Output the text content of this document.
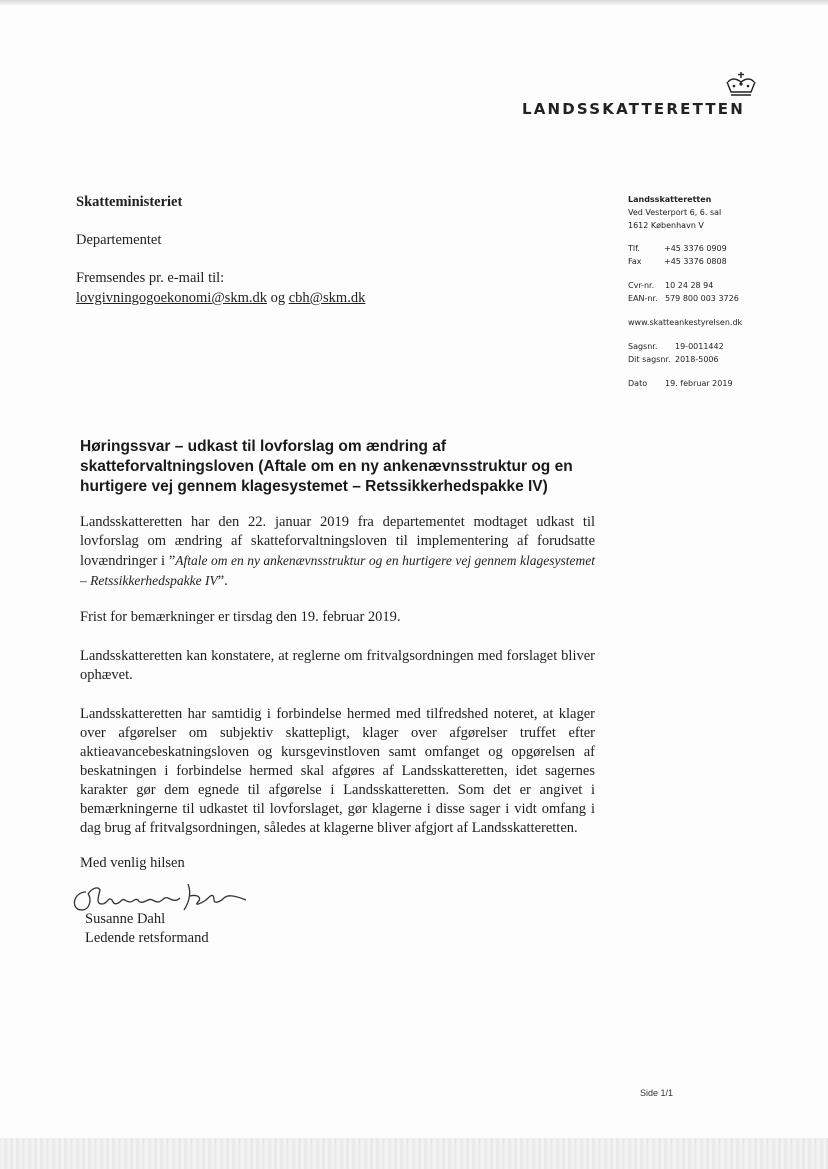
LANDSSKATTERETTEN
Skatteministeriet
Departementet
Fremsendes pr. e-mail til:
lovgivningogoekonomi@skm.dk og cbh@skm.dk
Landsskatteretten
Ved Vesterport 6, 6. sal
1612 København V
Tlf.	+45 3376 0909
Fax	+45 3376 0808
Cvr-nr.	10 24 28 94
EAN-nr. 579 800 003 3726
www.skatteankestyrelsen.dk
Sagsnr.	19-0011442
Dit sagsnr. 2018-5006
Dato	19. februar 2019
Høringssvar – udkast til lovforslag om ændring af skatteforvaltningsloven (Aftale om en ny ankenævnsstruktur og en hurtigere vej gennem klagesystemet – Retssikkerhedspakke IV)
Landsskatteretten har den 22. januar 2019 fra departementet modtaget udkast til lovforslag om ændring af skatteforvaltningsloven til implementering af forudsatte lovændringer i ”Aftale om en ny ankenævnsstruktur og en hurtigere vej gennem klagesystemet – Retssikkerhedspakke IV”.
Frist for bemærkninger er tirsdag den 19. februar 2019.
Landsskatteretten kan konstatere, at reglerne om fritvalgsordningen med forslaget bliver ophævet.
Landsskatteretten har samtidig i forbindelse hermed med tilfredshed noteret, at klager over afgørelser om subjektiv skattepligt, klager over afgørelser truffet efter aktieavancebeskatningsloven og kursgevinstloven samt omfanget og opgørelsen af beskatningen i forbindelse hermed skal afgøres af Landsskatteretten, idet sagernes karakter gør dem egnede til afgørelse i Landsskatteretten. Som det er angivet i bemærkningerne til udkastet til lovforslaget, gør klagerne i disse sager i vidt omfang i dag brug af fritvalgsordningen, således at klagerne bliver afgjort af Landsskatteretten.
Med venlig hilsen
Susanne Dahl
Ledende retsformand
Side 1/1
